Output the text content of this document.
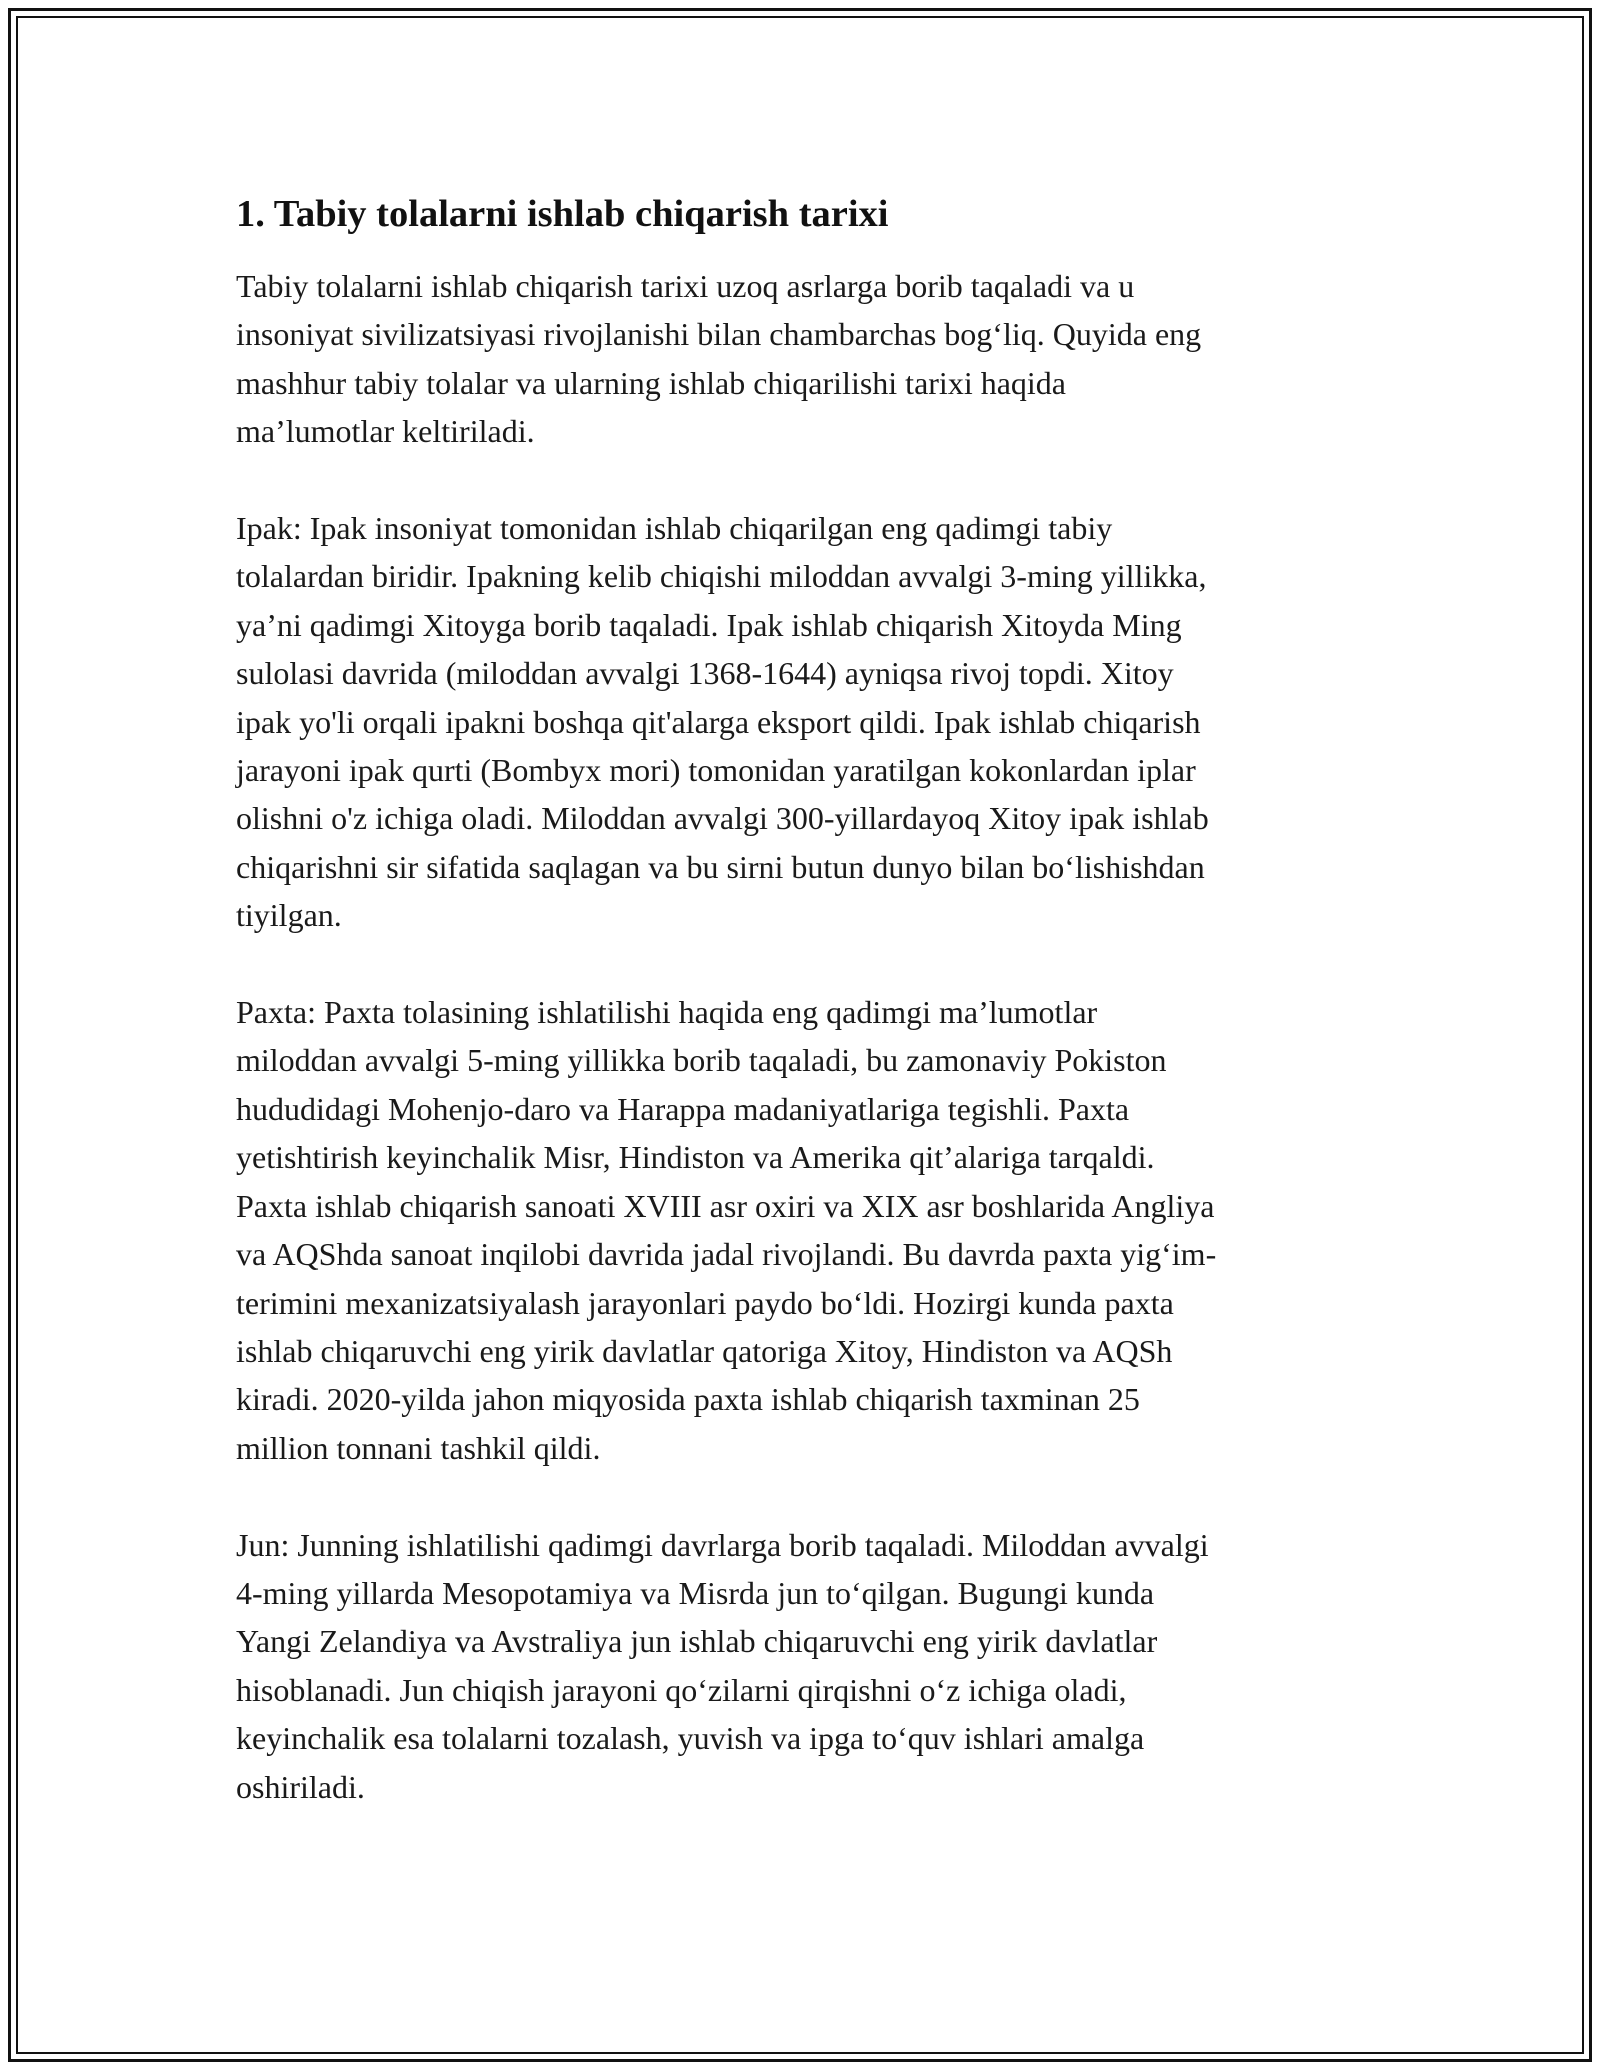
1. Tabiy tolalarni ishlab chiqarish tarixi

Tabiy tolalarni ishlab chiqarish tarixi uzoq asrlarga borib taqaladi va u
insoniyat sivilizatsiyasi rivojlanishi bilan chambarchas bog‘liq. Quyida eng
mashhur tabiy tolalar va ularning ishlab chiqarilishi tarixi haqida
ma’lumotlar keltiriladi.

Ipak: Ipak insoniyat tomonidan ishlab chiqarilgan eng qadimgi tabiy
tolalardan biridir. Ipakning kelib chiqishi miloddan avvalgi 3-ming yillikka,
ya’ni qadimgi Xitoyga borib taqaladi. Ipak ishlab chiqarish Xitoyda Ming
sulolasi davrida (miloddan avvalgi 1368-1644) ayniqsa rivoj topdi. Xitoy
ipak yo'li orqali ipakni boshqa qit'alarga eksport qildi. Ipak ishlab chiqarish
jarayoni ipak qurti (Bombyx mori) tomonidan yaratilgan kokonlardan iplar
olishni o'z ichiga oladi. Miloddan avvalgi 300-yillardayoq Xitoy ipak ishlab
chiqarishni sir sifatida saqlagan va bu sirni butun dunyo bilan bo‘lishishdan
tiyilgan.

Paxta: Paxta tolasining ishlatilishi haqida eng qadimgi ma’lumotlar
miloddan avvalgi 5-ming yillikka borib taqaladi, bu zamonaviy Pokiston
hududidagi Mohenjo-daro va Harappa madaniyatlariga tegishli. Paxta
yetishtirish keyinchalik Misr, Hindiston va Amerika qit’alariga tarqaldi.
Paxta ishlab chiqarish sanoati XVIII asr oxiri va XIX asr boshlarida Angliya
va AQShda sanoat inqilobi davrida jadal rivojlandi. Bu davrda paxta yig‘im-
terimini mexanizatsiyalash jarayonlari paydo bo‘ldi. Hozirgi kunda paxta
ishlab chiqaruvchi eng yirik davlatlar qatoriga Xitoy, Hindiston va AQSh
kiradi. 2020-yilda jahon miqyosida paxta ishlab chiqarish taxminan 25
million tonnani tashkil qildi.

Jun: Junning ishlatilishi qadimgi davrlarga borib taqaladi. Miloddan avvalgi
4-ming yillarda Mesopotamiya va Misrda jun to‘qilgan. Bugungi kunda
Yangi Zelandiya va Avstraliya jun ishlab chiqaruvchi eng yirik davlatlar
hisoblanadi. Jun chiqish jarayoni qo‘zilarni qirqishni o‘z ichiga oladi,
keyinchalik esa tolalarni tozalash, yuvish va ipga to‘quv ishlari amalga
oshiriladi.
